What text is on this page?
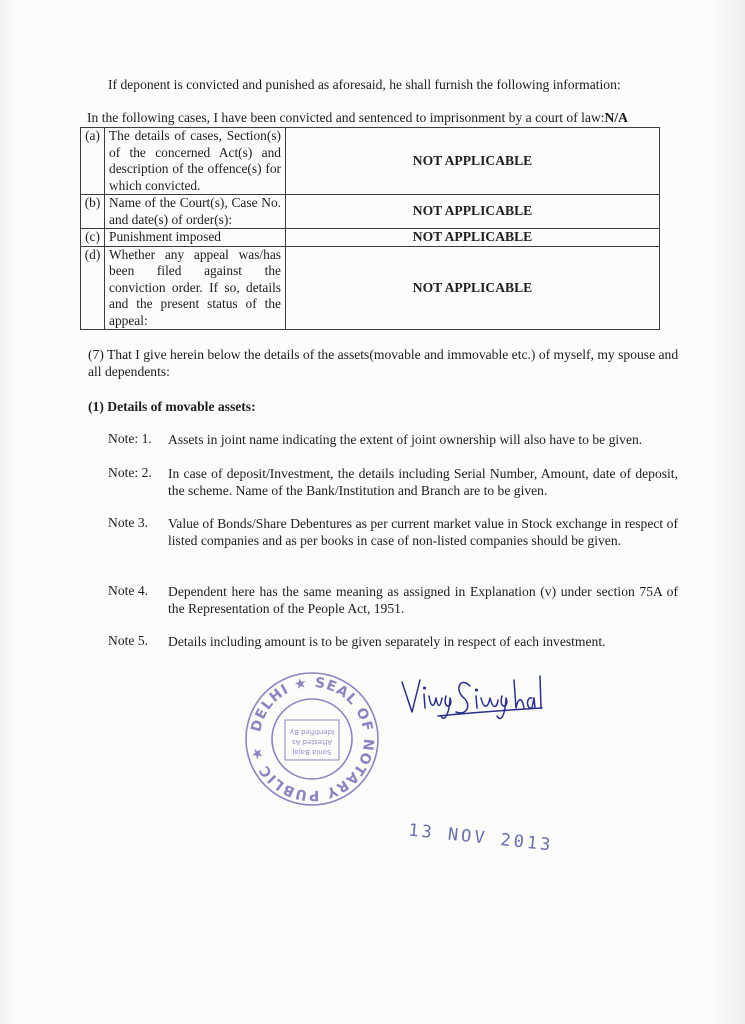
If deponent is convicted and punished as aforesaid, he shall furnish the following information:
In the following cases, I have been convicted and sentenced to imprisonment by a court of law:N/A
(a)	The details of cases, Section(s) of the concerned Act(s) and description of the offence(s) for which convicted.	NOT APPLICABLE
(b)	Name of the Court(s), Case No. and date(s) of order(s):	NOT APPLICABLE
(c)	Punishment imposed	NOT APPLICABLE
(d)	Whether any appeal was/has been filed against the conviction order. If so, details and the present status of the appeal:	NOT APPLICABLE
(7) That I give herein below the details of the assets(movable and immovable etc.) of myself, my spouse and all dependents:
(1) Details of movable assets:
Note: 1. Assets in joint name indicating the extent of joint ownership will also have to be given.
Note: 2. In case of deposit/Investment, the details including Serial Number, Amount, date of deposit, the scheme. Name of the Bank/Institution and Branch are to be given.
Note 3. Value of Bonds/Share Debentures as per current market value in Stock exchange in respect of listed companies and as per books in case of non-listed companies should be given.
Note 4. Dependent here has the same meaning as assigned in Explanation (v) under section 75A of the Representation of the People Act, 1951.
Note 5. Details including amount is to be given separately in respect of each investment.
DELHI ★ SEAL OF NOTARY PUBLIC ★	Sonia Bajaj
Attested As
Identified By
13 NOV 2013
